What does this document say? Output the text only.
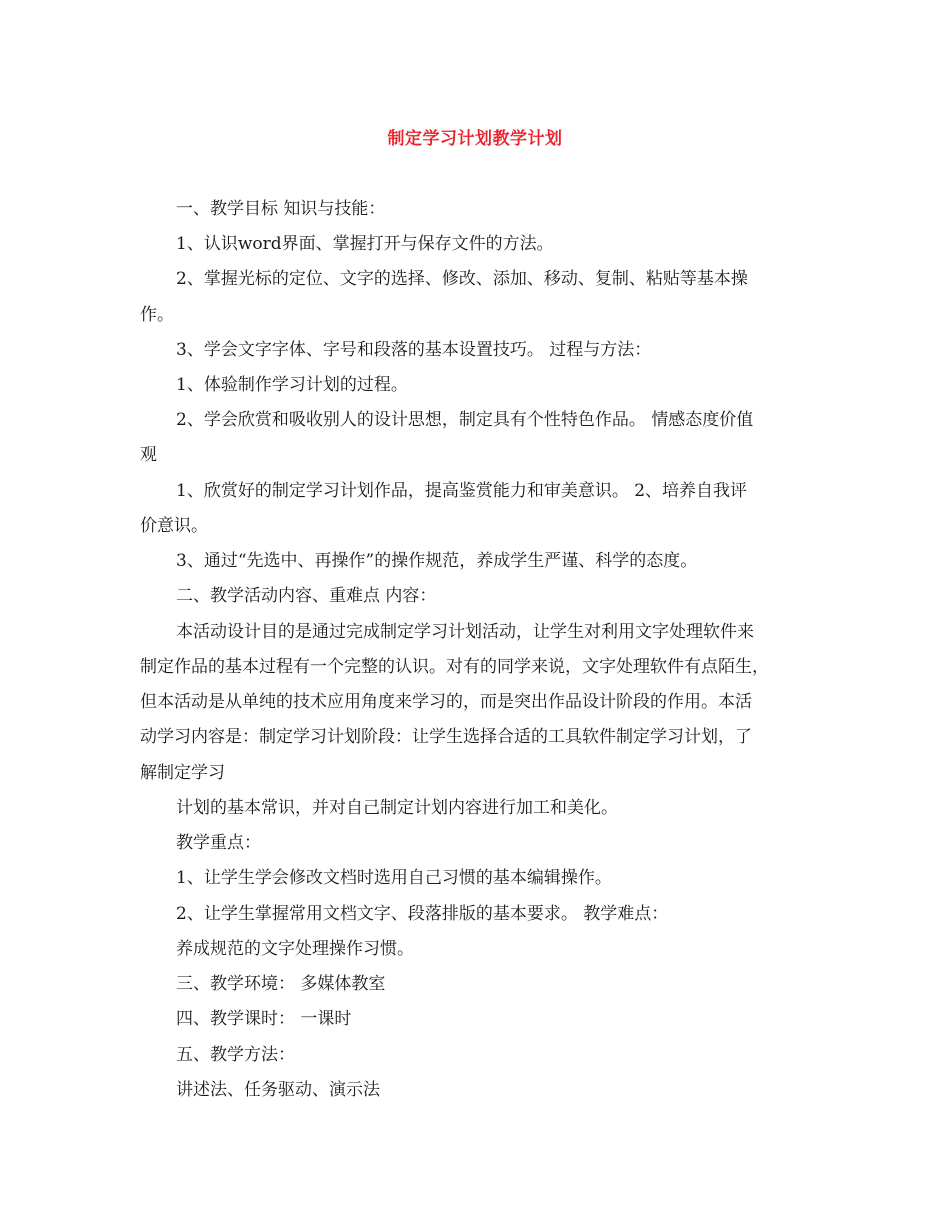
制定学习计划教学计划
一、教学目标 知识与技能：
1、认识word界面、掌握打开与保存文件的方法。
2、掌握光标的定位、文字的选择、修改、添加、移动、复制、粘贴等基本操
作。
3、学会文字字体、字号和段落的基本设置技巧。 过程与方法：
1、体验制作学习计划的过程。
2、学会欣赏和吸收别人的设计思想，制定具有个性特色作品。 情感态度价值
观
1、欣赏好的制定学习计划作品，提高鉴赏能力和审美意识。 2、培养自我评
价意识。
3、通过“先选中、再操作”的操作规范，养成学生严谨、科学的态度。
二、教学活动内容、重难点 内容：
本活动设计目的是通过完成制定学习计划活动，让学生对利用文字处理软件来
制定作品的基本过程有一个完整的认识。对有的同学来说，文字处理软件有点陌生，
但本活动是从单纯的技术应用角度来学习的，而是突出作品设计阶段的作用。本活
动学习内容是：制定学习计划阶段：让学生选择合适的工具软件制定学习计划，了
解制定学习
计划的基本常识，并对自己制定计划内容进行加工和美化。
教学重点：
1、让学生学会修改文档时选用自己习惯的基本编辑操作。
2、让学生掌握常用文档文字、段落排版的基本要求。 教学难点：
养成规范的文字处理操作习惯。
三、教学环境： 多媒体教室
四、教学课时： 一课时
五、教学方法：
讲述法、任务驱动、演示法
